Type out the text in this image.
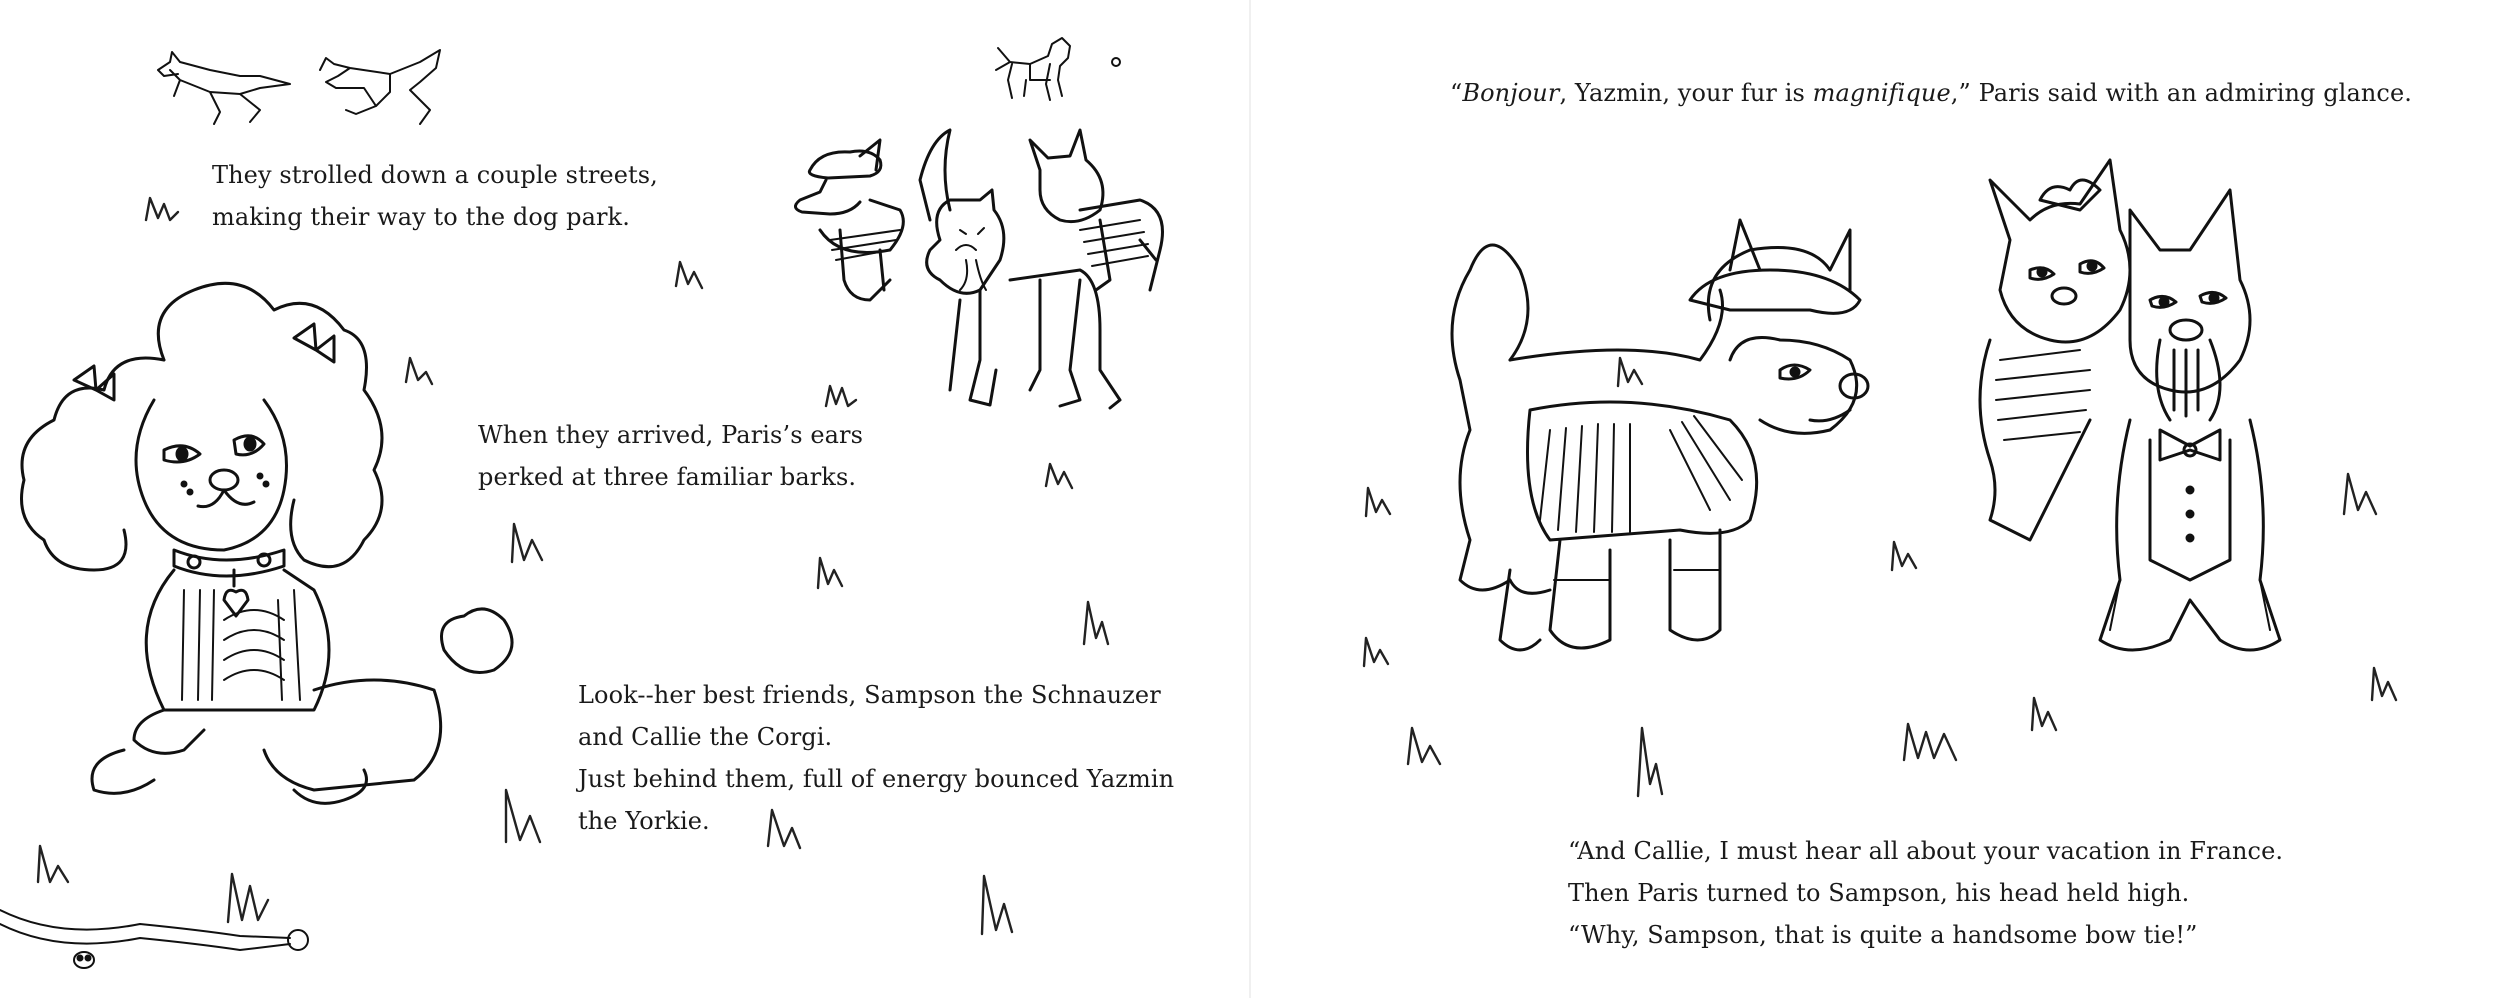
They strolled down a couple streets,
making their way to the dog park.
When they arrived, Paris’s ears
perked at three familiar barks.
Look--her best friends, Sampson the Schnauzer
and Callie the Corgi.
Just behind them, full of energy bounced Yazmin
the Yorkie.
“Bonjour, Yazmin, your fur is magnifique,” Paris said with an admiring glance.
“And Callie, I must hear all about your vacation in France.
Then Paris turned to Sampson, his head held high.
“Why, Sampson, that is quite a handsome bow tie!”
